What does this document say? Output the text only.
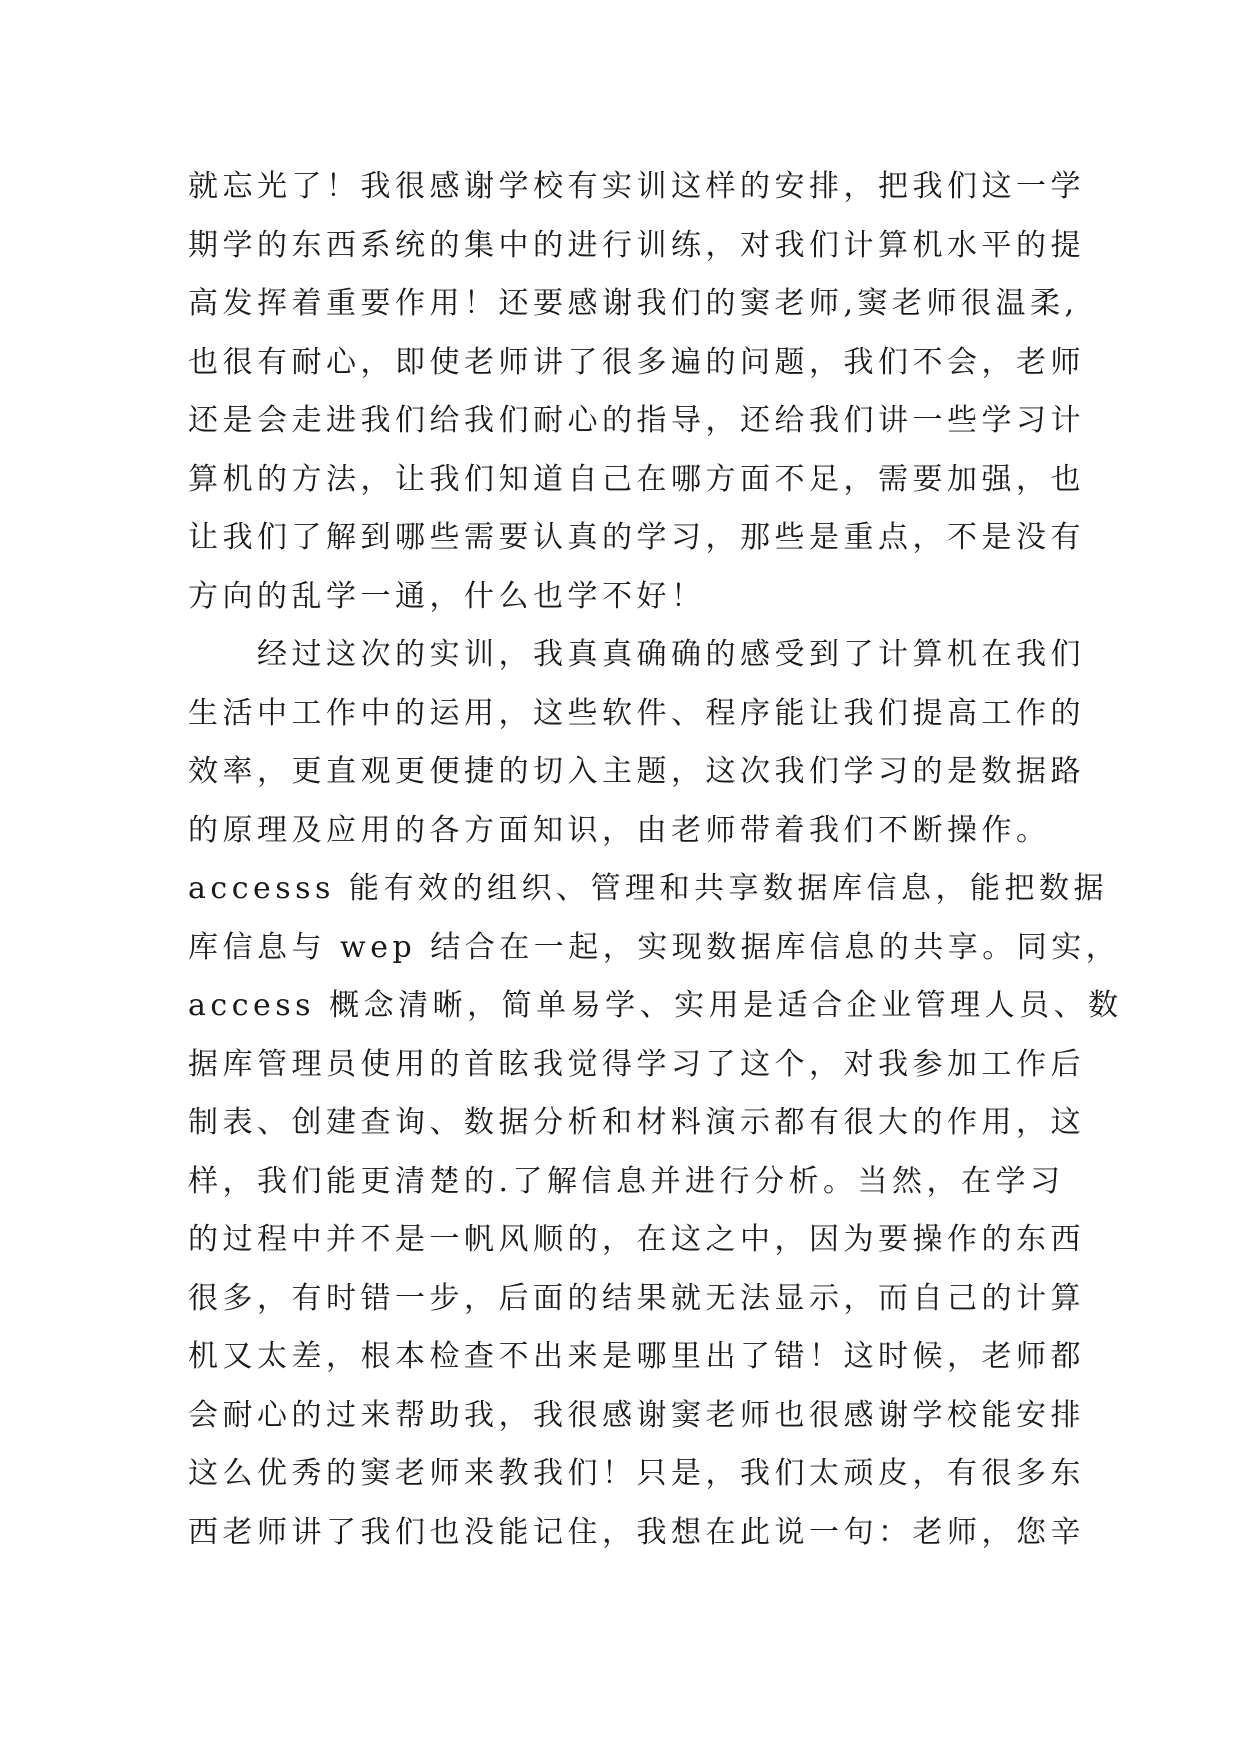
就忘光了！我很感谢学校有实训这样的安排，把我们这一学
期学的东西系统的集中的进行训练，对我们计算机水平的提
高发挥着重要作用！还要感谢我们的窦老师,窦老师很温柔,
也很有耐心，即使老师讲了很多遍的问题，我们不会，老师
还是会走进我们给我们耐心的指导，还给我们讲一些学习计
算机的方法，让我们知道自己在哪方面不足，需要加强，也
让我们了解到哪些需要认真的学习，那些是重点，不是没有
方向的乱学一通，什么也学不好！
　　经过这次的实训，我真真确确的感受到了计算机在我们
生活中工作中的运用，这些软件、程序能让我们提高工作的
效率，更直观更便捷的切入主题，这次我们学习的是数据路
的原理及应用的各方面知识，由老师带着我们不断操作。
accesss 能有效的组织、管理和共享数据库信息，能把数据
库信息与 wep 结合在一起，实现数据库信息的共享。同实，
access 概念清晰，简单易学、实用是适合企业管理人员、数
据库管理员使用的首眩我觉得学习了这个，对我参加工作后
制表、创建查询、数据分析和材料演示都有很大的作用，这
样，我们能更清楚的.了解信息并进行分析。当然，在学习
的过程中并不是一帆风顺的，在这之中，因为要操作的东西
很多，有时错一步，后面的结果就无法显示，而自己的计算
机又太差，根本检查不出来是哪里出了错！这时候，老师都
会耐心的过来帮助我，我很感谢窦老师也很感谢学校能安排
这么优秀的窦老师来教我们！只是，我们太顽皮，有很多东
西老师讲了我们也没能记住，我想在此说一句：老师，您辛
